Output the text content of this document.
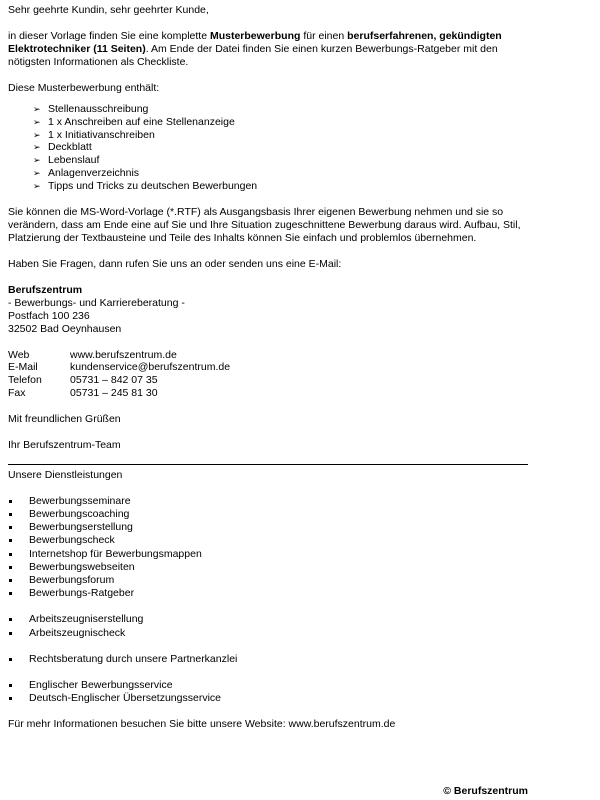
Sehr geehrte Kundin, sehr geehrter Kunde,

in dieser Vorlage finden Sie eine komplette Musterbewerbung für einen berufserfahrenen, gekündigten Elektrotechniker (11 Seiten). Am Ende der Datei finden Sie einen kurzen Bewerbungs-Ratgeber mit den nötigsten Informationen als Checkliste.

Diese Musterbewerbung enthält:

➢ Stellenausschreibung
➢ 1 x Anschreiben auf eine Stellenanzeige
➢ 1 x Initiativanschreiben
➢ Deckblatt
➢ Lebenslauf
➢ Anlagenverzeichnis
➢ Tipps und Tricks zu deutschen Bewerbungen

Sie können die MS-Word-Vorlage (*.RTF) als Ausgangsbasis Ihrer eigenen Bewerbung nehmen und sie so verändern, dass am Ende eine auf Sie und Ihre Situation zugeschnittene Bewerbung daraus wird. Aufbau, Stil, Platzierung der Textbausteine und Teile des Inhalts können Sie einfach und problemlos übernehmen.

Haben Sie Fragen, dann rufen Sie uns an oder senden uns eine E-Mail:

Berufszentrum

- Bewerbungs- und Karriereberatung -

Postfach 100 236

32502 Bad Oeynhausen

Web	www.berufszentrum.de
E-Mail	kundenservice@berufszentrum.de
Telefon	05731 – 842 07 35
Fax	05731 – 245 81 30

Mit freundlichen Grüßen

Ihr Berufszentrum-Team

Unsere Dienstleistungen

Bewerbungsseminare
Bewerbungscoaching
Bewerbungserstellung
Bewerbungscheck
Internetshop für Bewerbungsmappen
Bewerbungswebseiten
Bewerbungsforum
Bewerbungs-Ratgeber
Arbeitszeugniserstellung
Arbeitszeugnischeck
Rechtsberatung durch unsere Partnerkanzlei
Englischer Bewerbungsservice
Deutsch-Englischer Übersetzungsservice

Für mehr Informationen besuchen Sie bitte unsere Website: www.berufszentrum.de

© Berufszentrum
